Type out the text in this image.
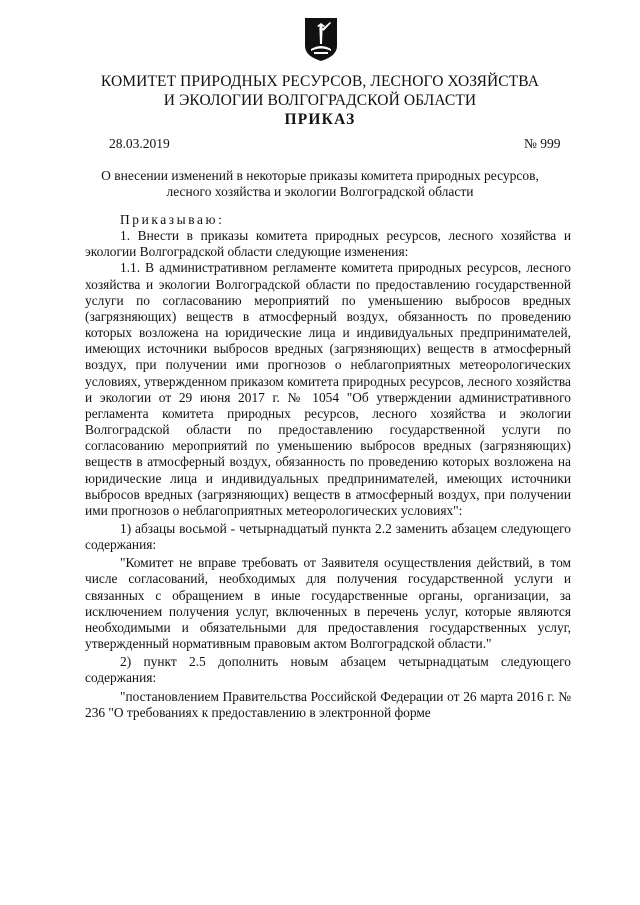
КОМИТЕТ ПРИРОДНЫХ РЕСУРСОВ, ЛЕСНОГО ХОЗЯЙСТВА
И ЭКОЛОГИИ ВОЛГОГРАДСКОЙ ОБЛАСТИ
ПРИКАЗ
28.03.2019	№ 999
О внесении изменений в некоторые приказы комитета природных ресурсов,
лесного хозяйства и экологии Волгоградской области

Приказываю:

1. Внести в приказы комитета природных ресурсов, лесного хозяйства и экологии Волгоградской области следующие изменения:

1.1. В административном регламенте комитета природных ресурсов, лесного хозяйства и экологии Волгоградской области по предоставлению государственной услуги по согласованию мероприятий по уменьшению выбросов вредных (загрязняющих) веществ в атмосферный воздух, обязанность по проведению которых возложена на юридические лица и индивидуальных предпринимателей, имеющих источники выбросов вредных (загрязняющих) веществ в атмосферный воздух, при получении ими прогнозов о неблагоприятных метеорологических условиях, утвержденном приказом комитета природных ресурсов, лесного хозяйства и экологии от 29 июня 2017 г. № 1054 "Об утверждении административного регламента комитета природных ресурсов, лесного хозяйства и экологии Волгоградской области по предоставлению государственной услуги по согласованию мероприятий по уменьшению выбросов вредных (загрязняющих) веществ в атмосферный воздух, обязанность по проведению которых возложена на юридические лица и индивидуальных предпринимателей, имеющих источники выбросов вредных (загрязняющих) веществ в атмосферный воздух, при получении ими прогнозов о неблагоприятных метеорологических условиях":

1) абзацы восьмой - четырнадцатый пункта 2.2 заменить абзацем следующего содержания:

"Комитет не вправе требовать от Заявителя осуществления действий, в том числе согласований, необходимых для получения государственной услуги и связанных с обращением в иные государственные органы, организации, за исключением получения услуг, включенных в перечень услуг, которые являются необходимыми и обязательными для предоставления государственных услуг, утвержденный нормативным правовым актом Волгоградской области."

2) пункт 2.5 дополнить новым абзацем четырнадцатым следующего содержания:

"постановлением Правительства Российской Федерации от 26 марта 2016 г. № 236 "О требованиях к предоставлению в электронной форме
